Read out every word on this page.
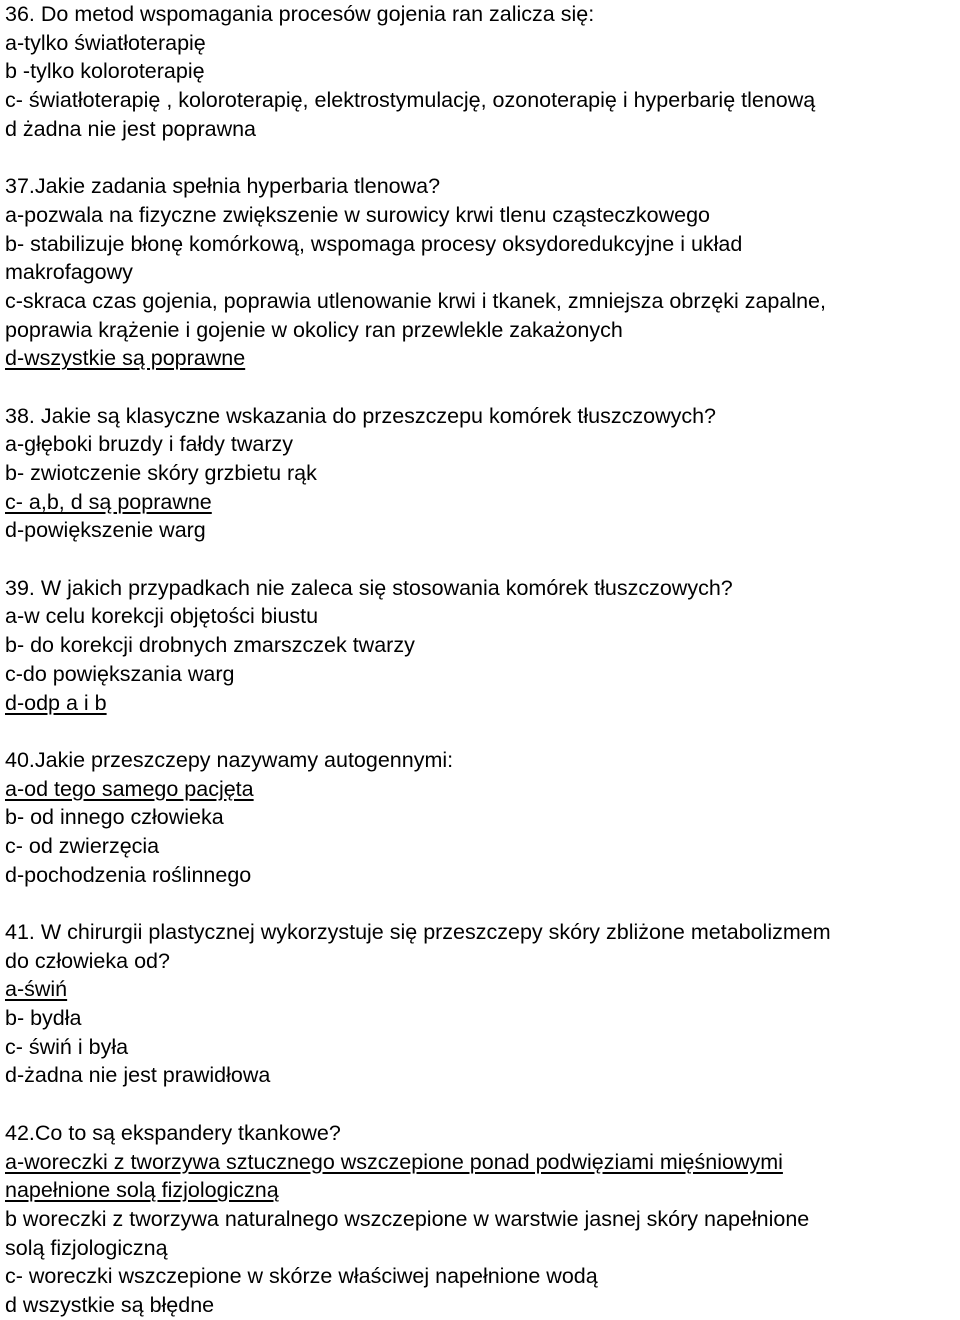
36. Do metod wspomagania procesów gojenia ran zalicza się:
a-tylko światłoterapię
b -tylko koloroterapię
c- światłoterapię , koloroterapię, elektrostymulację, ozonoterapię i hyperbarię tlenową
d żadna nie jest poprawna
37.Jakie zadania spełnia hyperbaria tlenowa?
a-pozwala na fizyczne zwiększenie w surowicy krwi tlenu cząsteczkowego
b- stabilizuje błonę komórkową, wspomaga procesy oksydoredukcyjne i układ
makrofagowy
c-skraca czas gojenia, poprawia utlenowanie krwi i tkanek, zmniejsza obrzęki zapalne,
poprawia krążenie i gojenie w okolicy ran przewlekle zakażonych
d-wszystkie są poprawne
38. Jakie są klasyczne wskazania do przeszczepu komórek tłuszczowych?
a-głęboki bruzdy i fałdy twarzy
b- zwiotczenie skóry grzbietu rąk
c- a,b, d są poprawne
d-powiększenie warg
39. W jakich przypadkach nie zaleca się stosowania komórek tłuszczowych?
a-w celu korekcji objętości biustu
b- do korekcji drobnych zmarszczek twarzy
c-do powiększania warg
d-odp a i b
40.Jakie przeszczepy nazywamy autogennymi:
a-od tego samego pacjęta
b- od innego człowieka
c- od zwierzęcia
d-pochodzenia roślinnego
41. W chirurgii plastycznej wykorzystuje się przeszczepy skóry zbliżone metabolizmem
do człowieka od?
a-świń
b- bydła
c- świń i była
d-żadna nie jest prawidłowa
42.Co to są ekspandery tkankowe?
a-woreczki z tworzywa sztucznego wszczepione ponad podwięziami mięśniowymi
napełnione solą fizjologiczną
b woreczki z tworzywa naturalnego wszczepione w warstwie jasnej skóry napełnione
solą fizjologiczną
c- woreczki wszczepione w skórze właściwej napełnione wodą
d wszystkie są błędne
